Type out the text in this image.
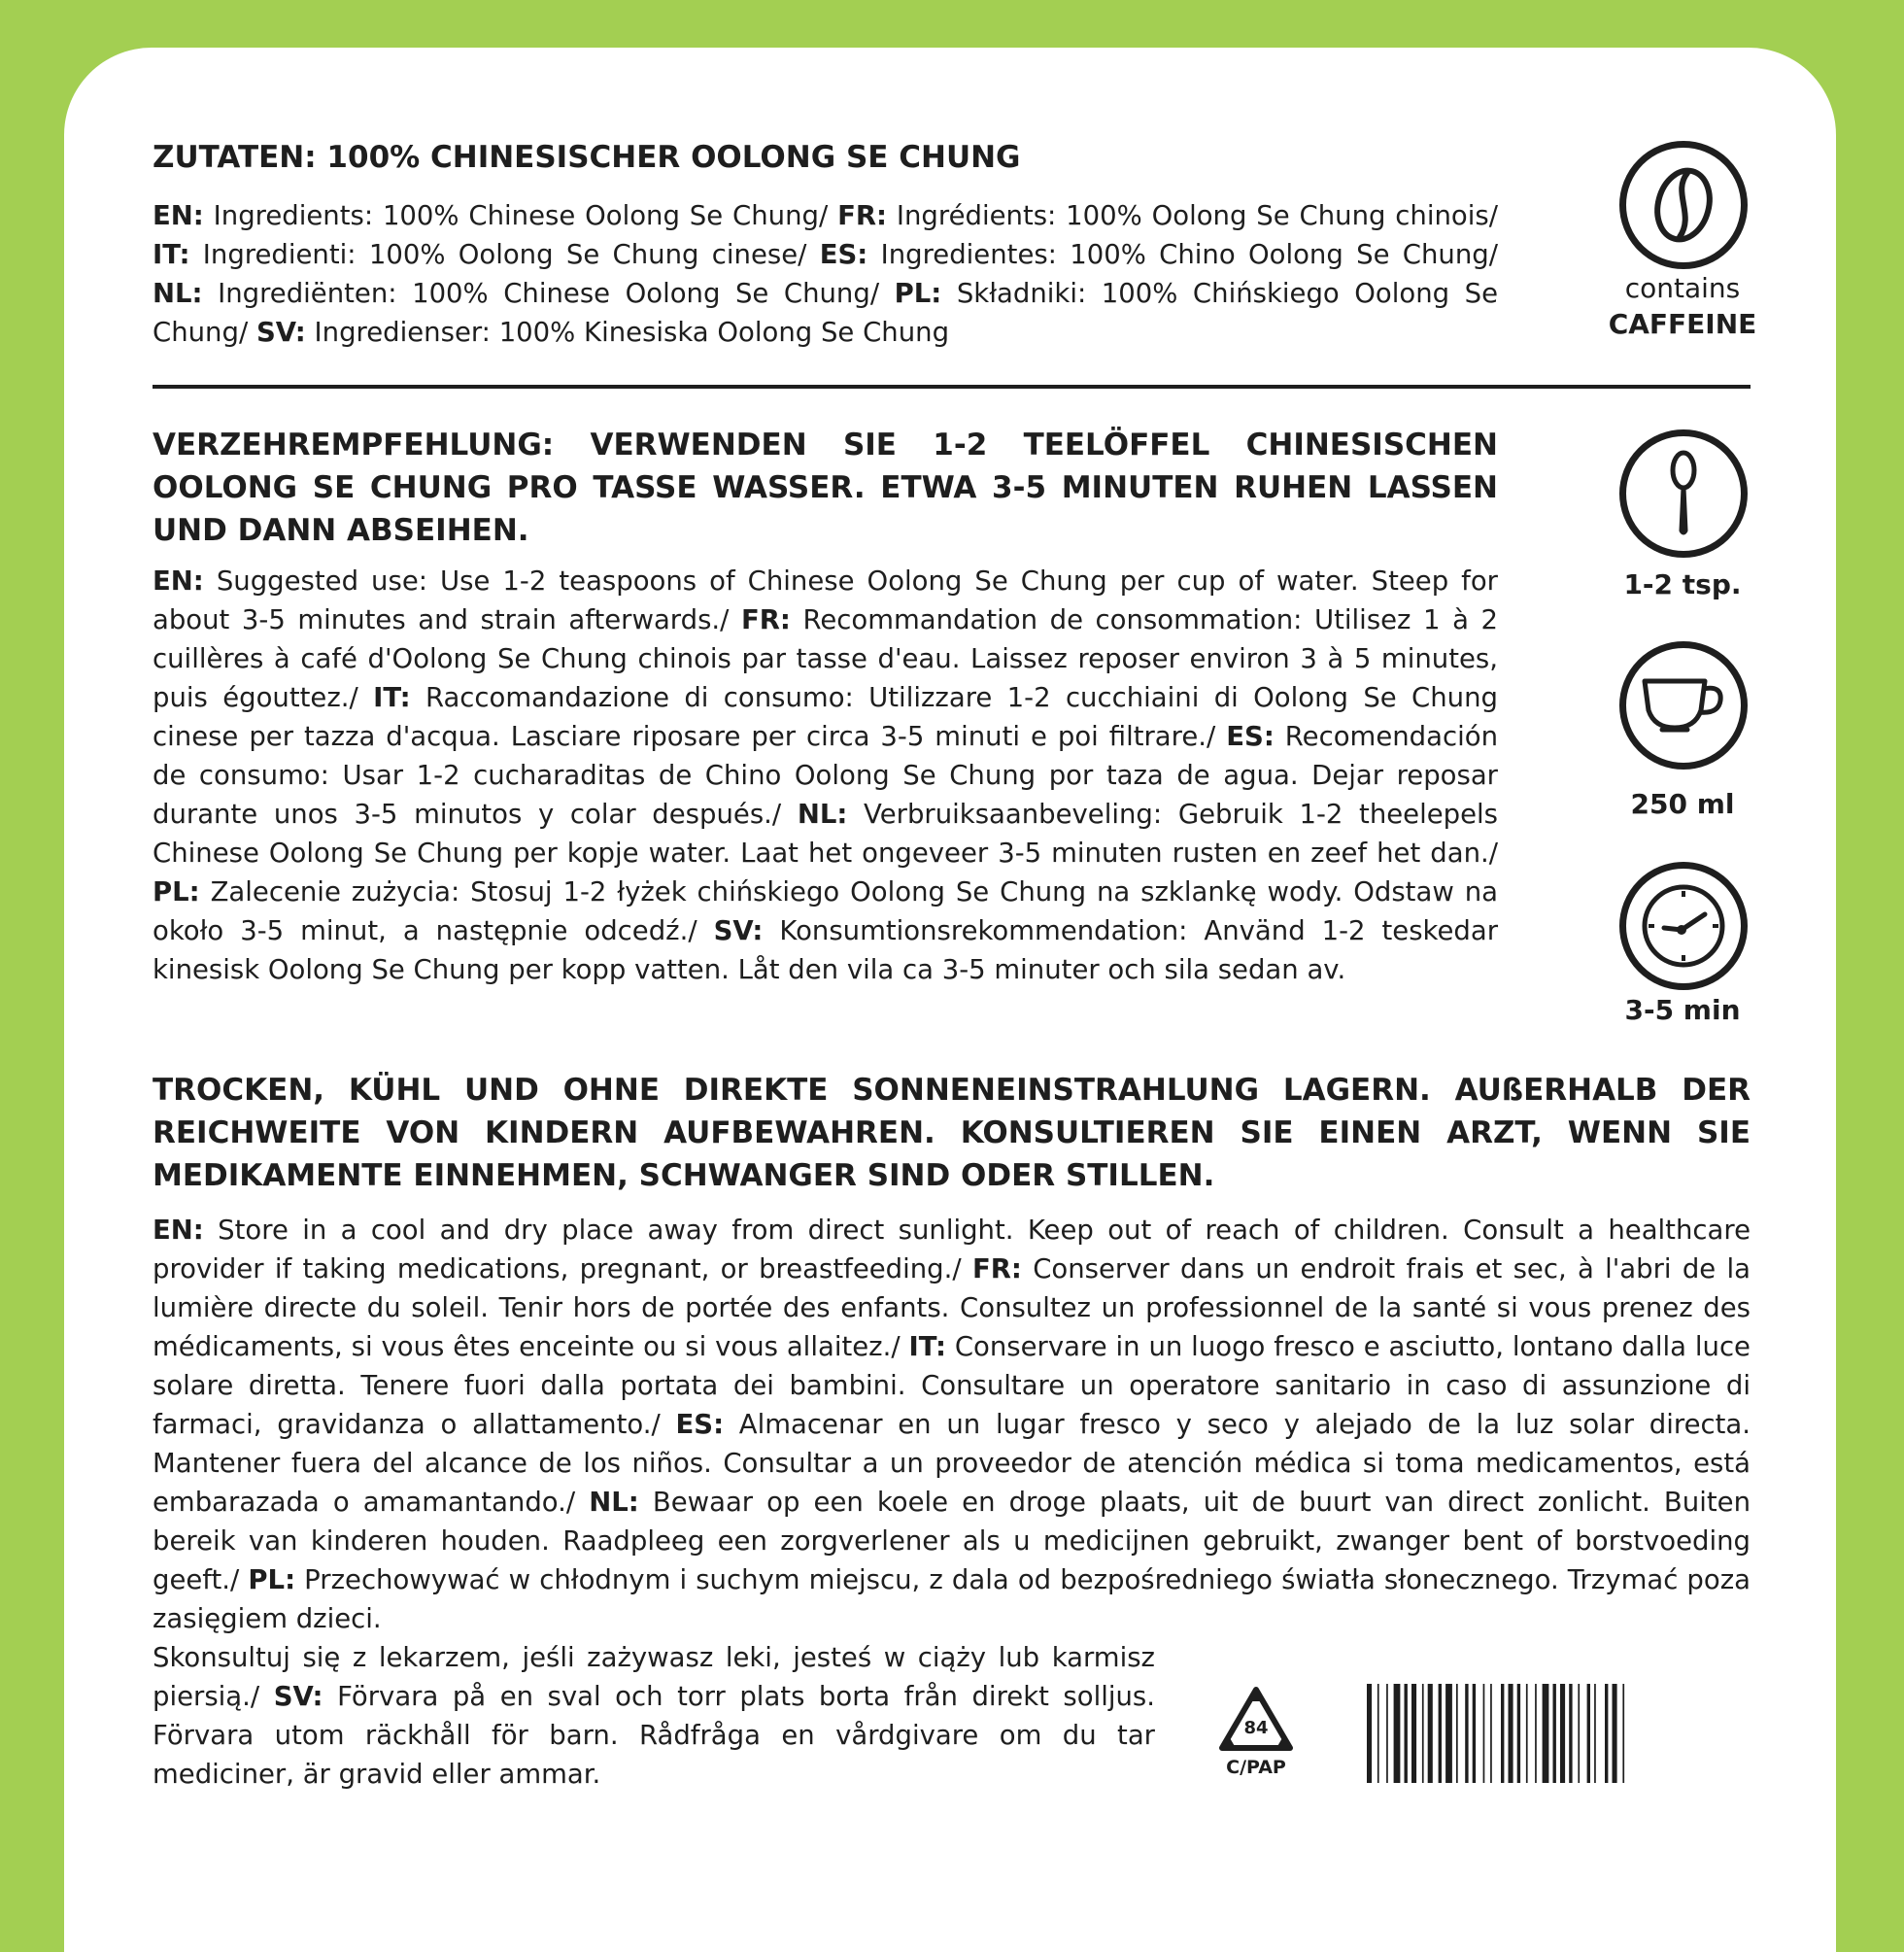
ZUTATEN: 100% CHINESISCHER OOLONG SE CHUNG

EN: Ingredients: 100% Chinese Oolong Se Chung/ FR: Ingrédients: 100% Oolong Se Chung chinois/ IT: Ingredienti: 100% Oolong Se Chung cinese/ ES: Ingredientes: 100% Chino Oolong Se Chung/ NL: Ingrediënten: 100% Chinese Oolong Se Chung/ PL: Składniki: 100% Chińskiego Oolong Se Chung/ SV: Ingredienser: 100% Kinesiska Oolong Se Chung

VERZEHREMPFEHLUNG: VERWENDEN SIE 1-2 TEELÖFFEL CHINESISCHEN OOLONG SE CHUNG PRO TASSE WASSER. ETWA 3-5 MINUTEN RUHEN LASSEN UND DANN ABSEIHEN.

EN: Suggested use: Use 1-2 teaspoons of Chinese Oolong Se Chung per cup of water. Steep for about 3-5 minutes and strain afterwards./ FR: Recommandation de consommation: Utilisez 1 à 2 cuillères à café d'Oolong Se Chung chinois par tasse d'eau. Laissez reposer environ 3 à 5 minutes, puis égouttez./ IT: Raccomandazione di consumo: Utilizzare 1-2 cucchiaini di Oolong Se Chung cinese per tazza d'acqua. Lasciare riposare per circa 3-5 minuti e poi filtrare./ ES: Recomendación de consumo: Usar 1-2 cucharaditas de Chino Oolong Se Chung por taza de agua. Dejar reposar durante unos 3-5 minutos y colar después./ NL: Verbruiksaanbeveling: Gebruik 1-2 theelepels Chinese Oolong Se Chung per kopje water. Laat het ongeveer 3-5 minuten rusten en zeef het dan./ PL: Zalecenie zużycia: Stosuj 1-2 łyżek chińskiego Oolong Se Chung na szklankę wody. Odstaw na około 3-5 minut, a następnie odcedź./ SV: Konsumtionsrekommendation: Använd 1-2 teskedar kinesisk Oolong Se Chung per kopp vatten. Låt den vila ca 3-5 minuter och sila sedan av.

TROCKEN, KÜHL UND OHNE DIREKTE SONNENEINSTRAHLUNG LAGERN. AUßERHALB DER REICHWEITE VON KINDERN AUFBEWAHREN. KONSULTIEREN SIE EINEN ARZT, WENN SIE MEDIKAMENTE EINNEHMEN, SCHWANGER SIND ODER STILLEN.

EN: Store in a cool and dry place away from direct sunlight. Keep out of reach of children. Consult a healthcare provider if taking medications, pregnant, or breastfeeding./ FR: Conserver dans un endroit frais et sec, à l'abri de la lumière directe du soleil. Tenir hors de portée des enfants. Consultez un professionnel de la santé si vous prenez des médicaments, si vous êtes enceinte ou si vous allaitez./ IT: Conservare in un luogo fresco e asciutto, lontano dalla luce solare diretta. Tenere fuori dalla portata dei bambini. Consultare un operatore sanitario in caso di assunzione di farmaci, gravidanza o allattamento./ ES: Almacenar en un lugar fresco y seco y alejado de la luz solar directa. Mantener fuera del alcance de los niños. Consultar a un proveedor de atención médica si toma medicamentos, está embarazada o amamantando./ NL: Bewaar op een koele en droge plaats, uit de buurt van direct zonlicht. Buiten bereik van kinderen houden. Raadpleeg een zorgverlener als u medicijnen gebruikt, zwanger bent of borstvoeding geeft./ PL: Przechowywać w chłodnym i suchym miejscu, z dala od bezpośredniego światła słonecznego. Trzymać poza zasięgiem dzieci.

Skonsultuj się z lekarzem, jeśli zażywasz leki, jesteś w ciąży lub karmisz piersią./ SV: Förvara på en sval och torr plats borta från direkt solljus. Förvara utom räckhåll för barn. Rådfråga en vårdgivare om du tar mediciner, är gravid eller ammar.

contains
CAFFEINE
1-2 tsp.
250 ml
3-5 min
84
C/PAP
